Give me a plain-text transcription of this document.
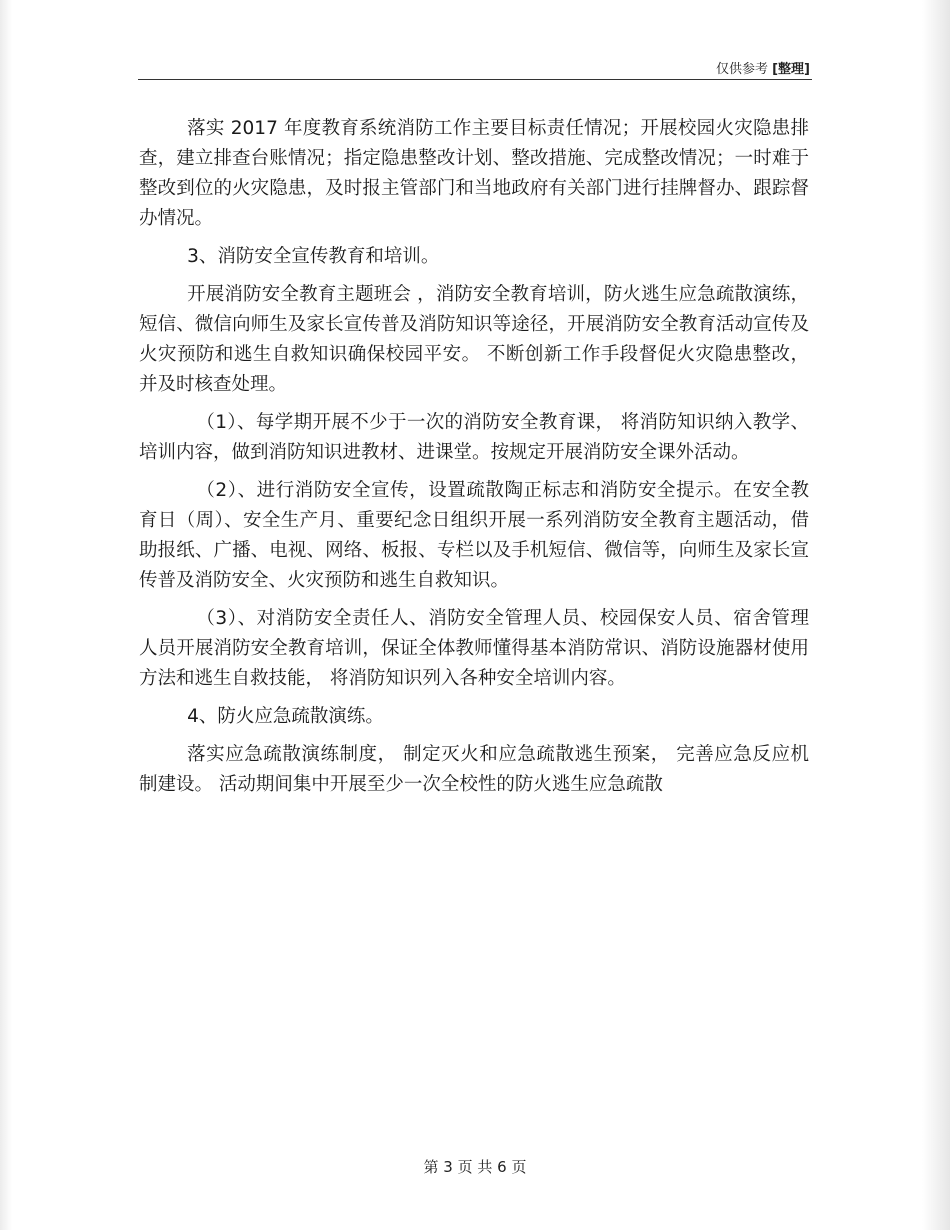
仅供参考 [整理]

落实 2017 年度教育系统消防工作主要目标责任情况；开展校园火灾隐患排查，建立排查台账情况；指定隐患整改计划、整改措施、完成整改情况；一时难于整改到位的火灾隐患，及时报主管部门和当地政府有关部门进行挂牌督办、跟踪督办情况。

3、消防安全宣传教育和培训。

开展消防安全教育主题班会 ，消防安全教育培训，防火逃生应急疏散演练，短信、微信向师生及家长宣传普及消防知识等途径，开展消防安全教育活动宣传及火灾预防和逃生自救知识确保校园平安。 不断创新工作手段督促火灾隐患整改，并及时核查处理。

（1）、每学期开展不少于一次的消防安全教育课， 将消防知识纳入教学、培训内容，做到消防知识进教材、进课堂。按规定开展消防安全课外活动。

（2）、进行消防安全宣传，设置疏散陶正标志和消防安全提示。在安全教育日（周）、安全生产月、重要纪念日组织开展一系列消防安全教育主题活动，借助报纸、广播、电视、网络、板报、专栏以及手机短信、微信等，向师生及家长宣传普及消防安全、火灾预防和逃生自救知识。

（3）、对消防安全责任人、消防安全管理人员、校园保安人员、宿舍管理人员开展消防安全教育培训，保证全体教师懂得基本消防常识、消防设施器材使用方法和逃生自救技能， 将消防知识列入各种安全培训内容。

4、防火应急疏散演练。

落实应急疏散演练制度， 制定灭火和应急疏散逃生预案， 完善应急反应机制建设。 活动期间集中开展至少一次全校性的防火逃生应急疏散

第 3 页 共 6 页
